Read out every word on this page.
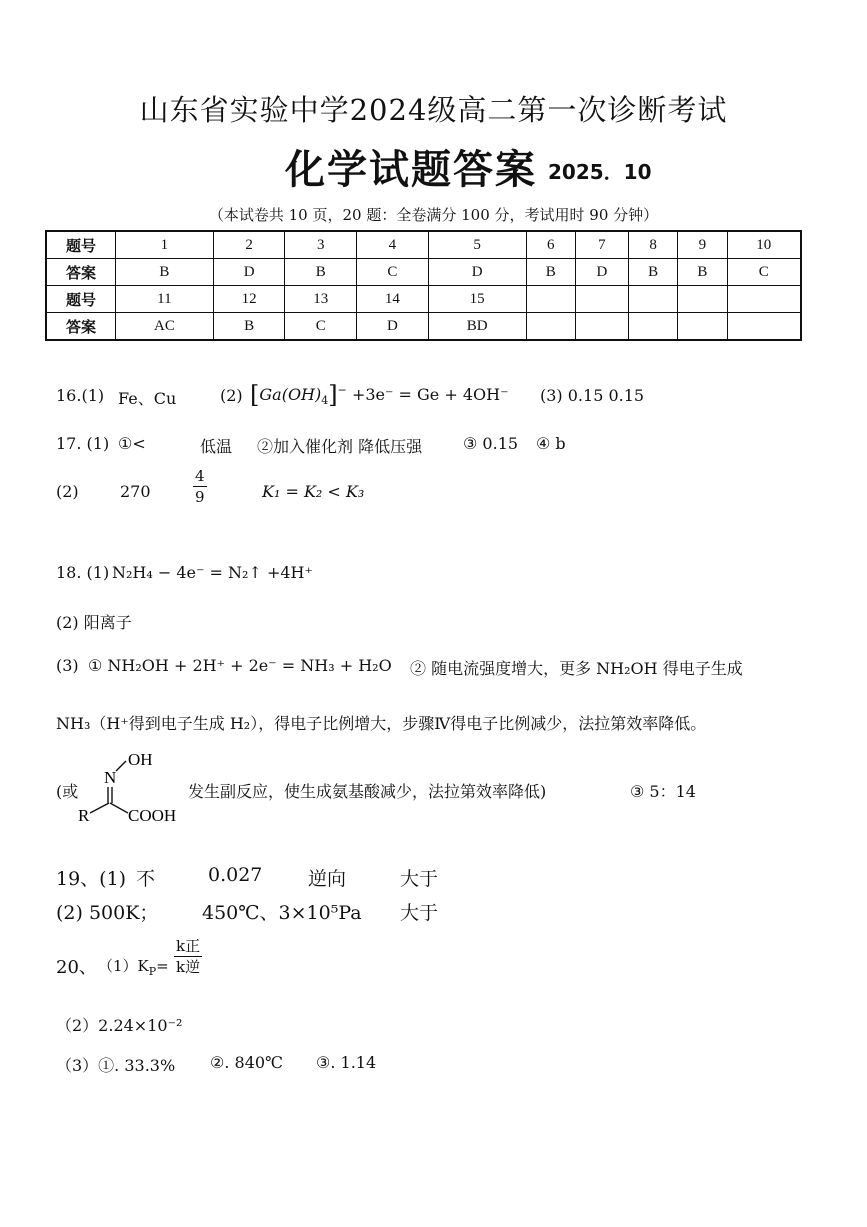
山东省实验中学2024级高二第一次诊断考试
化学试题答案 2025．10
（本试卷共 10 页，20 题：全卷满分 100 分，考试用时 90 分钟）
题号	1	2	3	4	5	6	7	8	9	10
答案	B	D	B	C	D	B	D	B	B	C
题号	11	12	13	14	15					
答案	AC	B	C	D	BD					
16.(1) Fe、Cu	(2) $[Ga(OH)_4]^- +3e^- = Ge + 4OH^-$ (3) 0.15 0.15
17. (1) ①<	低温 ②加入催化剂 降低压强	③ 0.15 ④ b
(2)	270	$\frac{4}{9}$	K₁ = K₂ < K₃
18. (1) N₂H₄ − 4e⁻ = N₂↑ +4H⁺
(2) 阳离子
(3) ① NH₂OH + 2H⁺ + 2e⁻ = NH₃ + H₂O ② 随电流强度增大，更多 NH₂OH 得电子生成
NH₃（H⁺得到电子生成 H₂），得电子比例增大，步骤Ⅳ得电子比例减少，法拉第效率降低。
OH
N
R COOH
(或	发生副反应，使生成氨基酸减少，法拉第效率降低)	③ 5：14
19、(1) 不	0.027 逆向	大于
(2) 500K； 450℃、3×10⁵Pa 大于
20、 $(1)K_P=$
k正
k逆
（2）2.24×10⁻²
（3）①. 33.3% ②. 840℃ ③. 1.14
